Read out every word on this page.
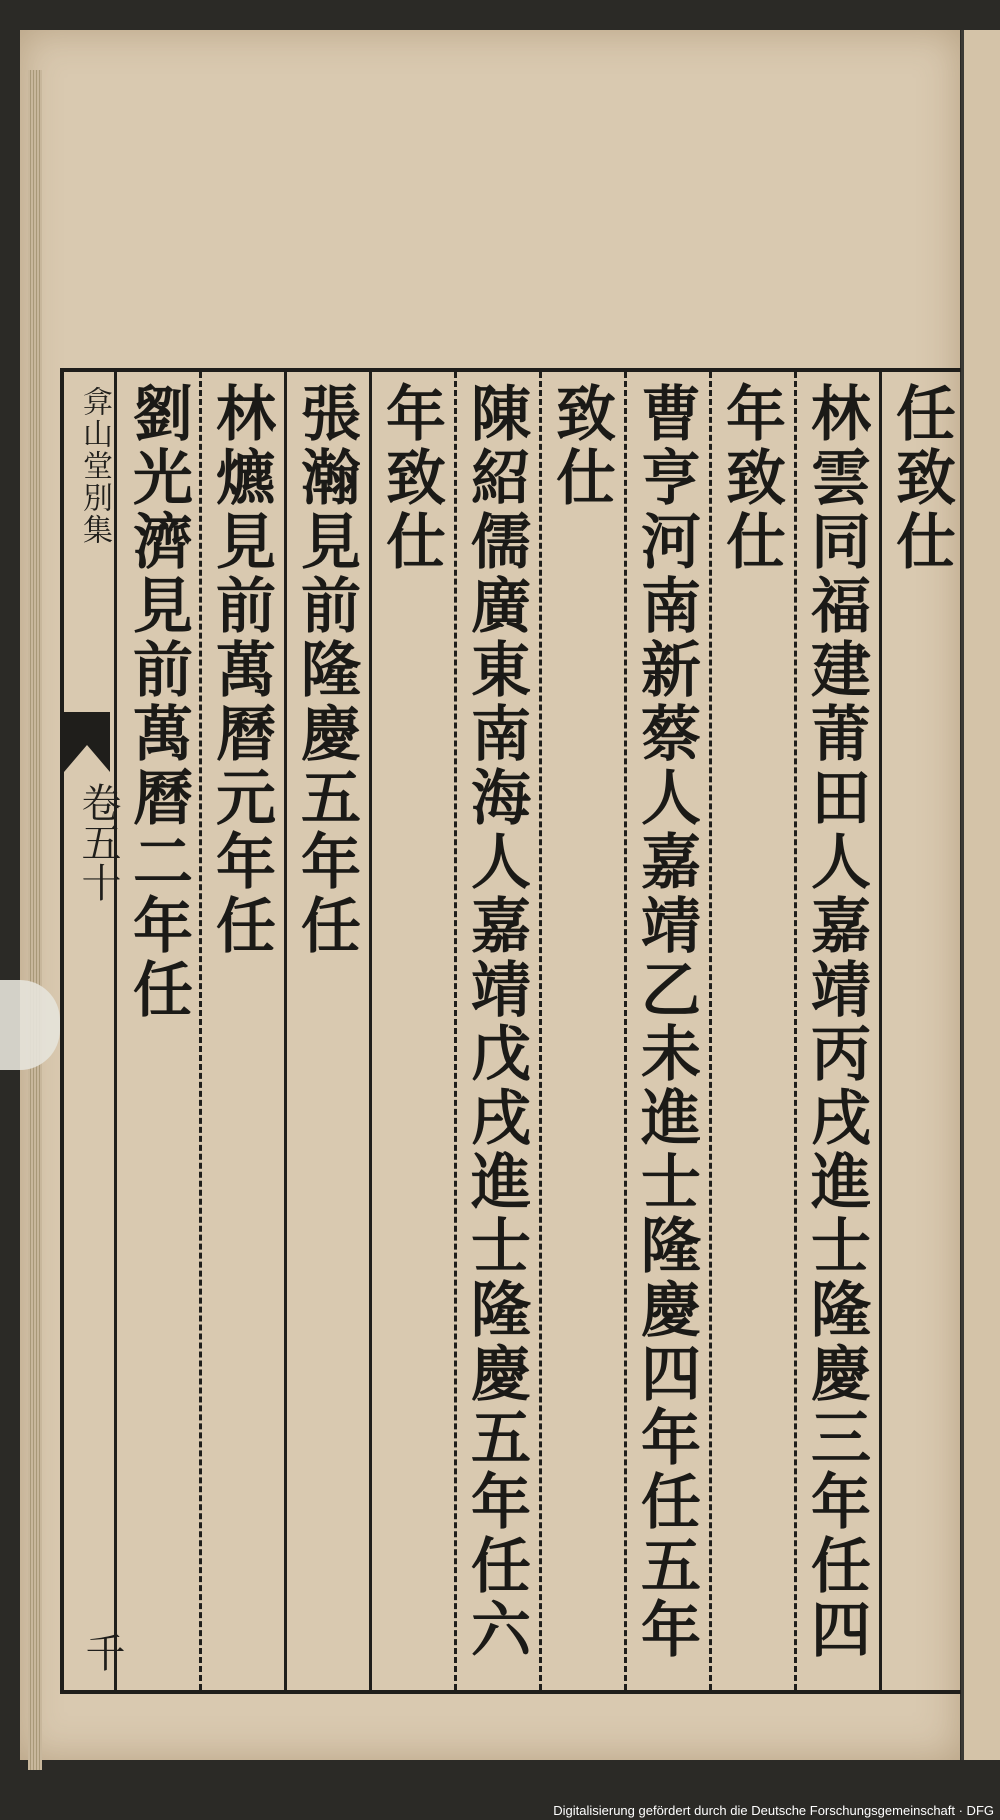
弇山堂別集
卷五十
千
任致仕
林雲同福建莆田人嘉靖丙戌進士隆慶三年任四
年致仕
曹亨河南新蔡人嘉靖乙未進士隆慶四年任五年
致仕
陳紹儒廣東南海人嘉靖戊戌進士隆慶五年任六
年致仕
張瀚見前隆慶五年任
林爊見前萬曆元年任
劉光濟見前萬曆二年任
Digitalisierung gefördert durch die Deutsche Forschungsgemeinschaft · DFG
